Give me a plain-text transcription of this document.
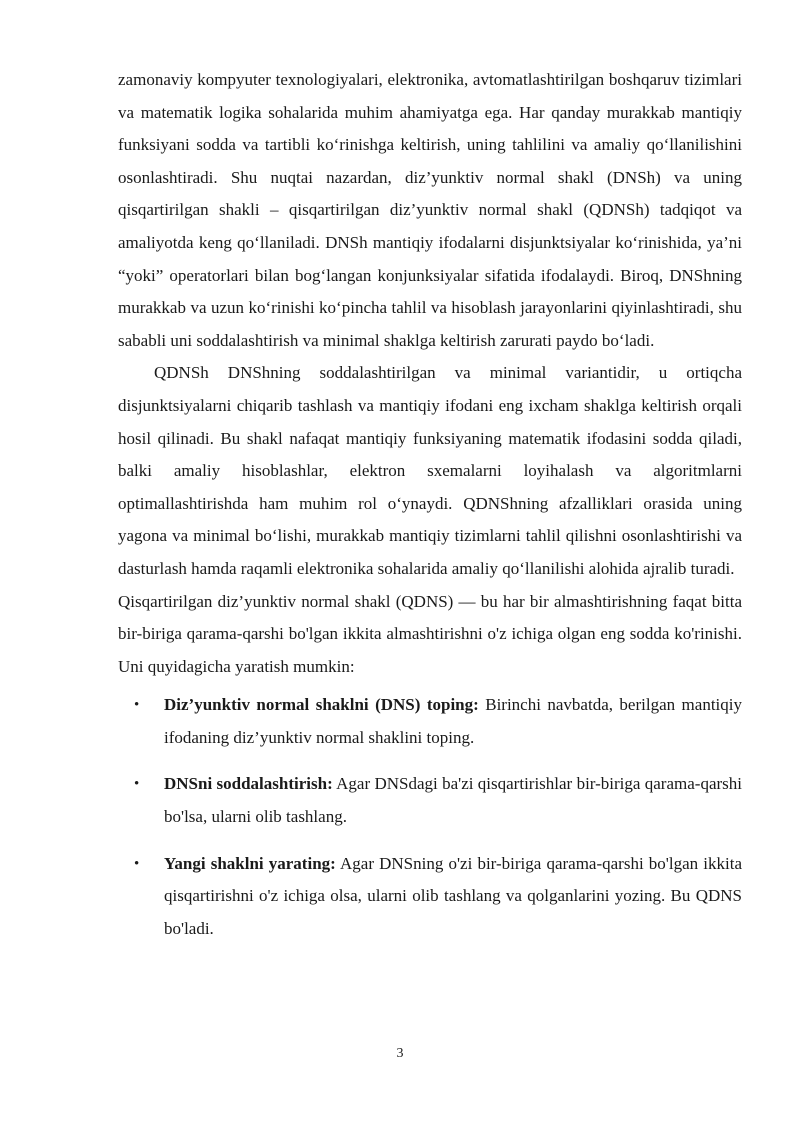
zamonaviy kompyuter texnologiyalari, elektronika, avtomatlashtirilgan boshqaruv tizimlari va matematik logika sohalarida muhim ahamiyatga ega. Har qanday murakkab mantiqiy funksiyani sodda va tartibli ko‘rinishga keltirish, uning tahlilini va amaliy qo‘llanilishini osonlashtiradi. Shu nuqtai nazardan, diz’yunktiv normal shakl (DNSh) va uning qisqartirilgan shakli – qisqartirilgan diz’yunktiv normal shakl (QDNSh) tadqiqot va amaliyotda keng qo‘llaniladi. DNSh mantiqiy ifodalarni disjunktsiyalar ko‘rinishida, ya’ni “yoki” operatorlari bilan bog‘langan konjunksiyalar sifatida ifodalaydi. Biroq, DNShning murakkab va uzun ko‘rinishi ko‘pincha tahlil va hisoblash jarayonlarini qiyinlashtiradi, shu sababli uni soddalashtirish va minimal shaklga keltirish zarurati paydo bo‘ladi.

QDNSh DNShning soddalashtirilgan va minimal variantidir, u ortiqcha disjunktsiyalarni chiqarib tashlash va mantiqiy ifodani eng ixcham shaklga keltirish orqali hosil qilinadi. Bu shakl nafaqat mantiqiy funksiyaning matematik ifodasini sodda qiladi, balki amaliy hisoblashlar, elektron sxemalarni loyihalash va algoritmlarni optimallashtirishda ham muhim rol o‘ynaydi. QDNShning afzalliklari orasida uning yagona va minimal bo‘lishi, murakkab mantiqiy tizimlarni tahlil qilishni osonlashtirishi va dasturlash hamda raqamli elektronika sohalarida amaliy qo‘llanilishi alohida ajralib turadi.

Qisqartirilgan diz’yunktiv normal shakl (QDNS) — bu har bir almashtirishning faqat bitta bir-biriga qarama-qarshi bo'lgan ikkita almashtirishni o'z ichiga olgan eng sodda ko'rinishi. Uni quyidagicha yaratish mumkin:

• Diz’yunktiv normal shaklni (DNS) toping: Birinchi navbatda, berilgan mantiqiy ifodaning diz’yunktiv normal shaklini toping.
• DNSni soddalashtirish: Agar DNSdagi ba'zi qisqartirishlar bir-biriga qarama-qarshi bo'lsa, ularni olib tashlang.
• Yangi shaklni yarating: Agar DNSning o'zi bir-biriga qarama-qarshi bo'lgan ikkita qisqartirishni o'z ichiga olsa, ularni olib tashlang va qolganlarini yozing. Bu QDNS bo'ladi.
3
